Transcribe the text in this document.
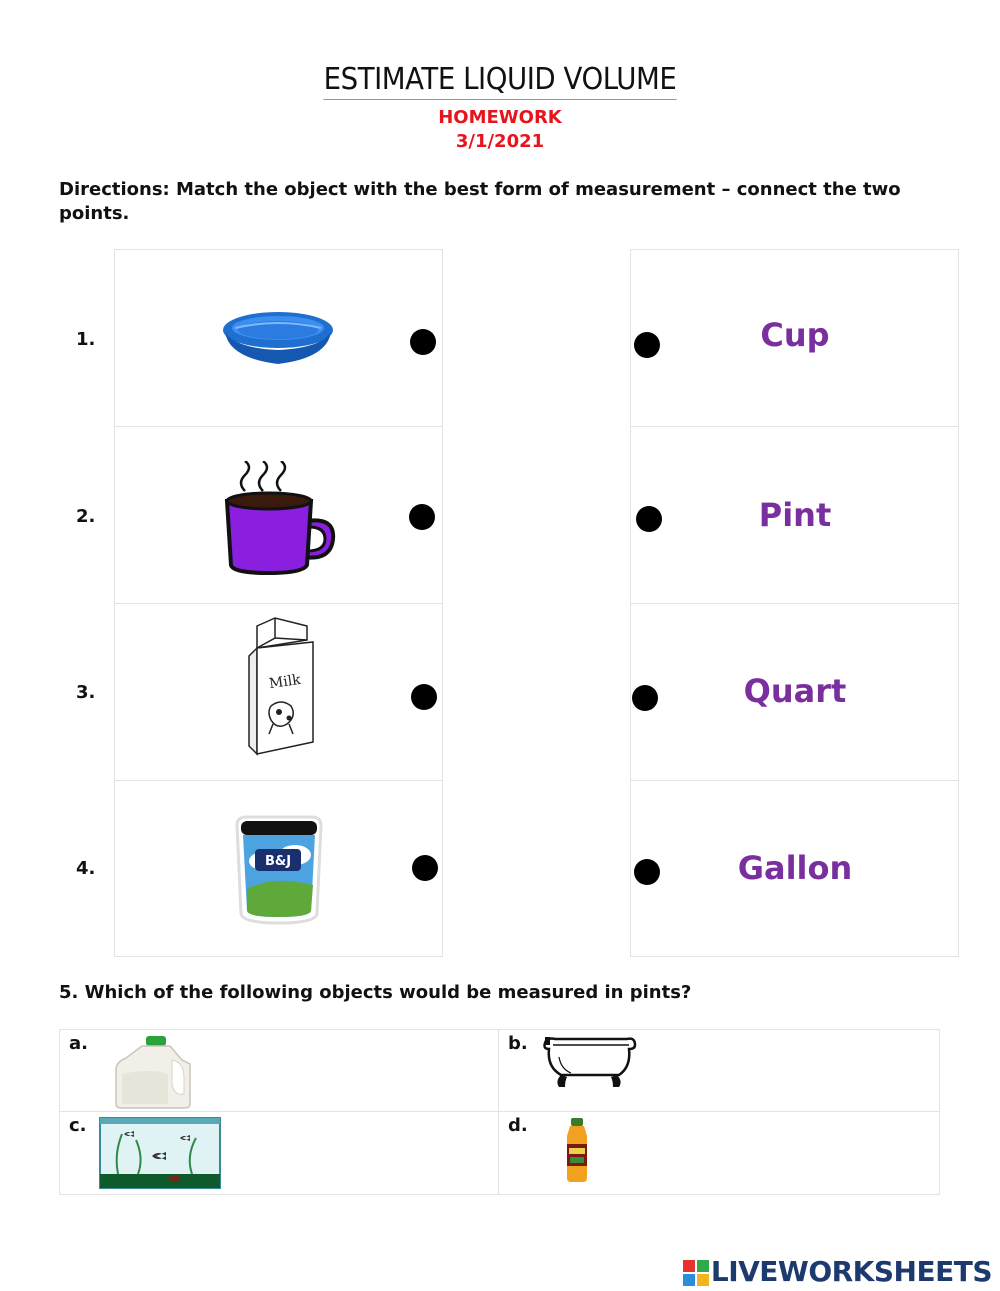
ESTIMATE LIQUID VOLUME
HOMEWORK
3/1/2021
Directions: Match the object with the best form of measurement – connect the two points.
1.
2.
3.
4.
Milk
B&J
Cup
Pint
Quart
Gallon
5. Which of the following objects would be measured in pints?
a.	b.
c.	d.
LIVEWORKSHEETS
